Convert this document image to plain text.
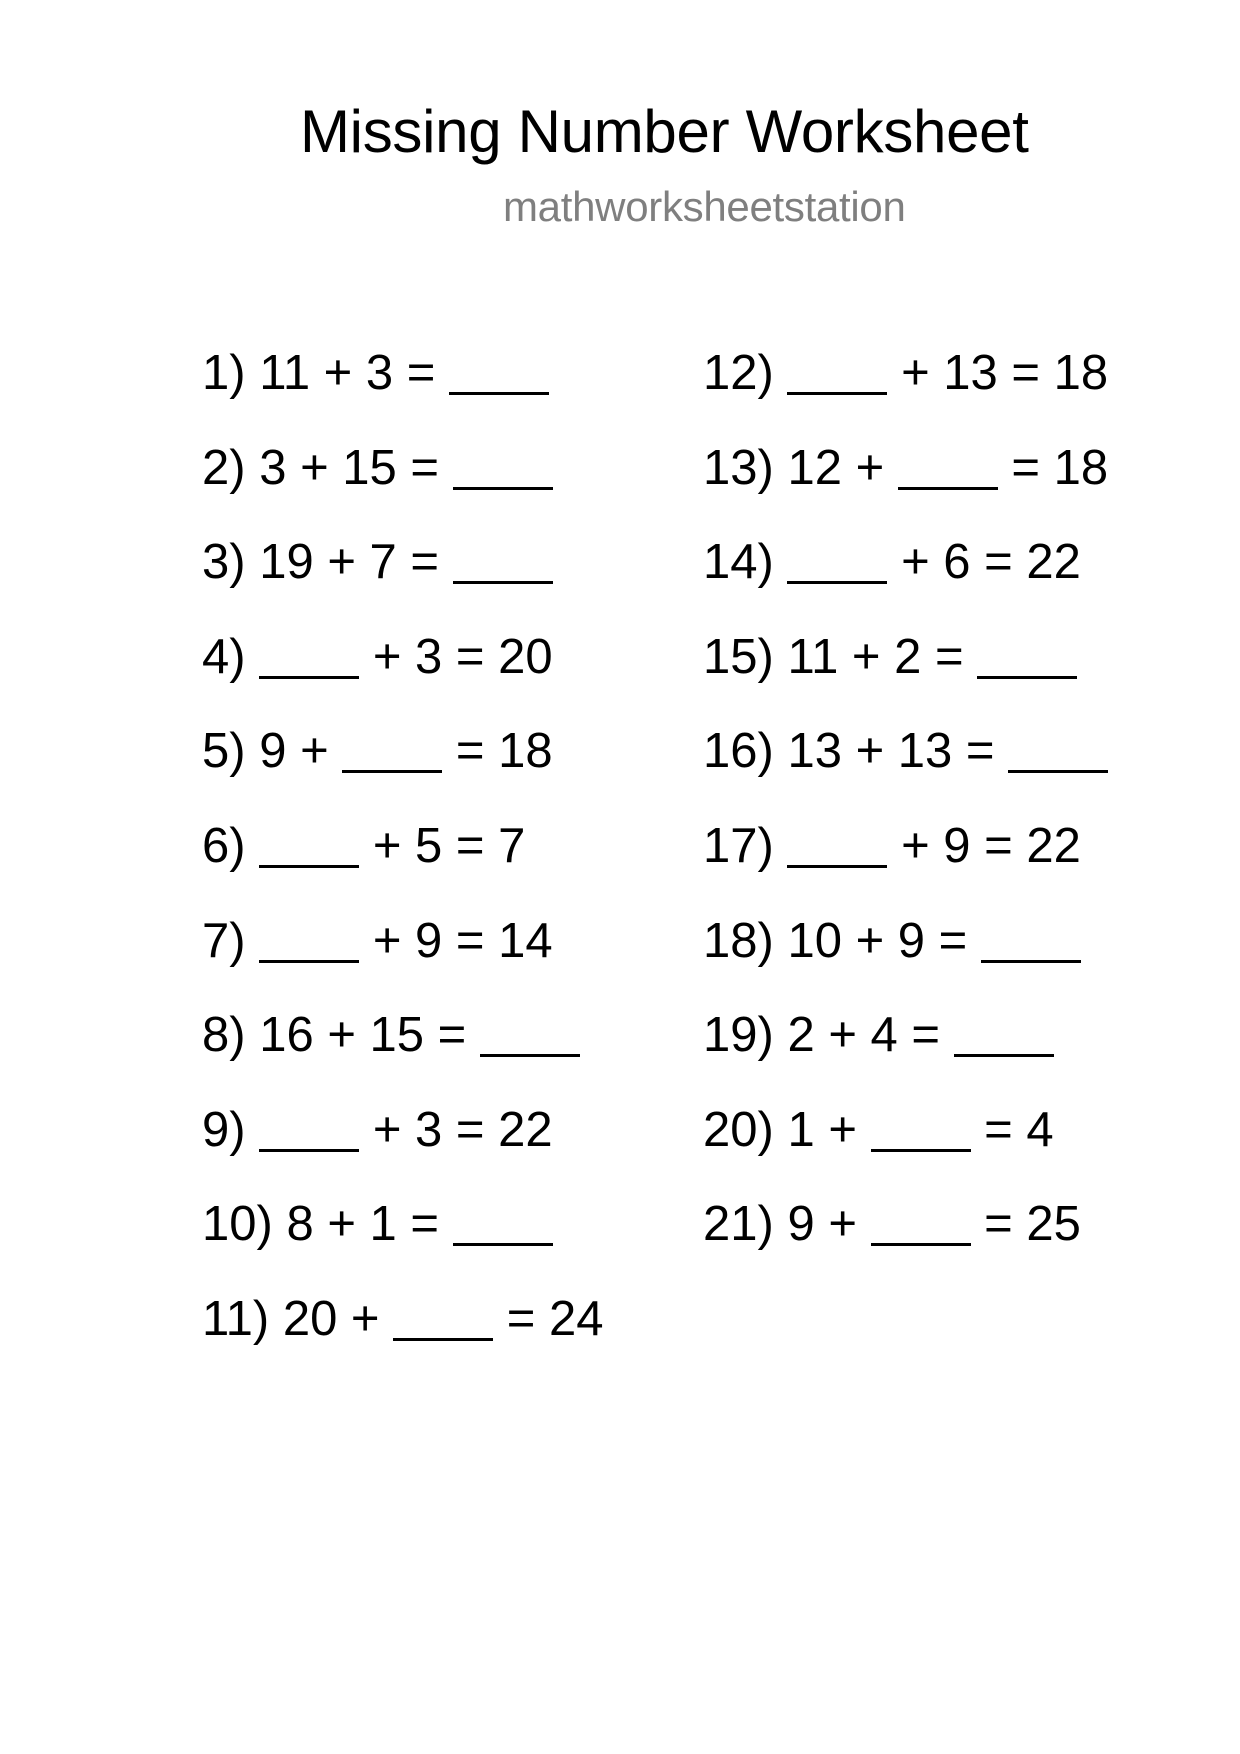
Missing Number Worksheet
mathworksheetstation
1) 11 + 3 =
2) 3 + 15 =
3) 19 + 7 =
4)  + 3 = 20
5) 9 +  = 18
6)  + 5 = 7
7)  + 9 = 14
8) 16 + 15 =
9)  + 3 = 22
10) 8 + 1 =
11) 20 +  = 24
12)  + 13 = 18
13) 12 +  = 18
14)  + 6 = 22
15) 11 + 2 =
16) 13 + 13 =
17)  + 9 = 22
18) 10 + 9 =
19) 2 + 4 =
20) 1 +  = 4
21) 9 +  = 25
